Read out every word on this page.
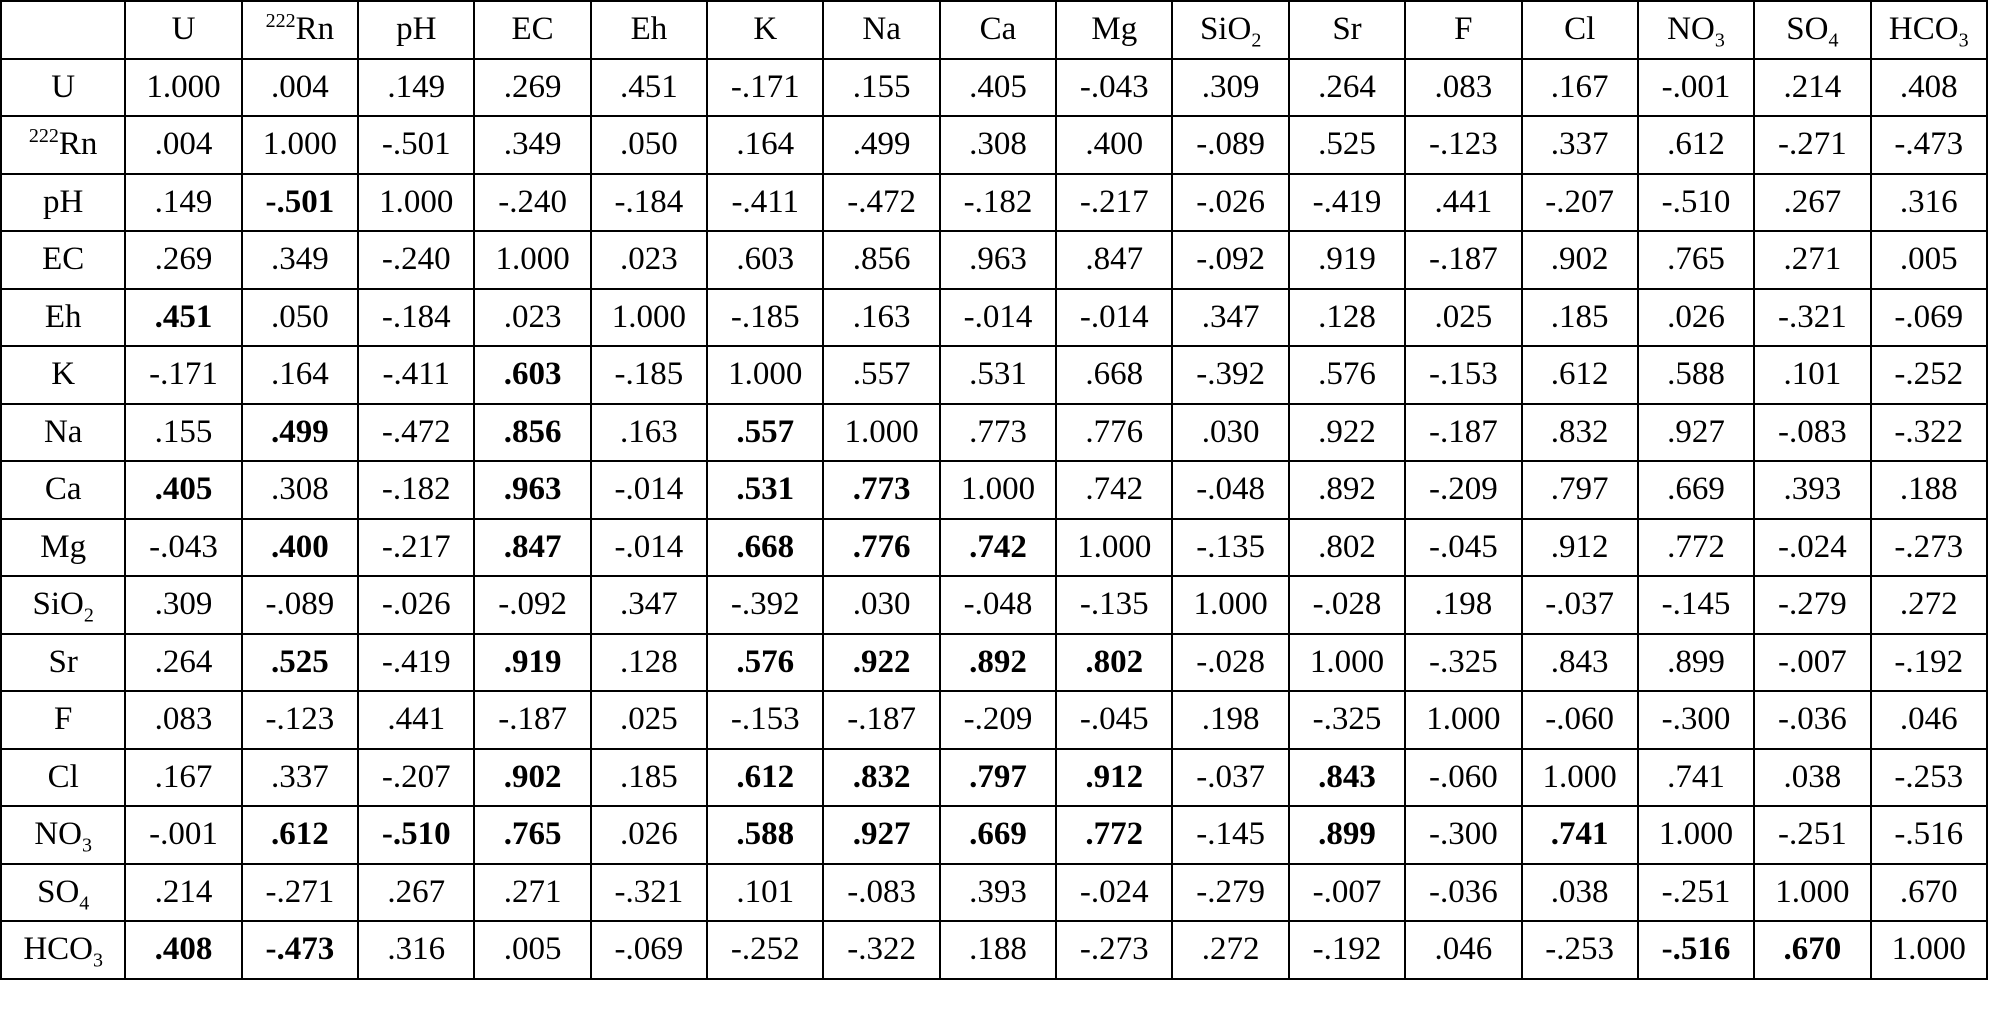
	U	$^{222}$Rn	pH	EC	Eh	K	Na	Ca	Mg	SiO$_2$	Sr	F	Cl	$NO_3$	$SO_4$	$HCO_3$
U	1.000	.004	.149	.269	.451	-.171	.155	.405	-.043	.309	.264	.083	.167	-.001	.214	.408
$^{222}$Rn	.004	1.000	-.501	.349	.050	.164	.499	.308	.400	-.089	.525	-.123	.337	.612	-.271	-.473
pH	.149	-.501	1.000	-.240	-.184	-.411	-.472	-.182	-.217	-.026	-.419	.441	-.207	-.510	.267	.316
EC	.269	.349	-.240	1.000	.023	.603	.856	.963	.847	-.092	.919	-.187	.902	.765	.271	.005
Eh	.451	.050	-.184	.023	1.000	-.185	.163	-.014	-.014	.347	.128	.025	.185	.026	-.321	-.069
K	-.171	.164	-.411	.603	-.185	1.000	.557	.531	.668	-.392	.576	-.153	.612	.588	.101	-.252
Na	.155	.499	-.472	.856	.163	.557	1.000	.773	.776	.030	.922	-.187	.832	.927	-.083	-.322
Ca	.405	.308	-.182	.963	-.014	.531	.773	1.000	.742	-.048	.892	-.209	.797	.669	.393	.188
Mg	-.043	.400	-.217	.847	-.014	.668	.776	.742	1.000	-.135	.802	-.045	.912	.772	-.024	-.273
SiO$_2$	.309	-.089	-.026	-.092	.347	-.392	.030	-.048	-.135	1.000	-.028	.198	-.037	-.145	-.279	.272
Sr	.264	.525	-.419	.919	.128	.576	.922	.892	.802	-.028	1.000	-.325	.843	.899	-.007	-.192
F	.083	-.123	.441	-.187	.025	-.153	-.187	-.209	-.045	.198	-.325	1.000	-.060	-.300	-.036	.046
Cl	.167	.337	-.207	.902	.185	.612	.832	.797	.912	-.037	.843	-.060	1.000	.741	.038	-.253
$NO_3$	-.001	.612	-.510	.765	.026	.588	.927	.669	.772	-.145	.899	-.300	.741	1.000	-.251	-.516
$SO_4$	.214	-.271	.267	.271	-.321	.101	-.083	.393	-.024	-.279	-.007	-.036	.038	-.251	1.000	.670
$HCO_3$	.408	-.473	.316	.005	-.069	-.252	-.322	.188	-.273	.272	-.192	.046	-.253	-.516	.670	1.000
